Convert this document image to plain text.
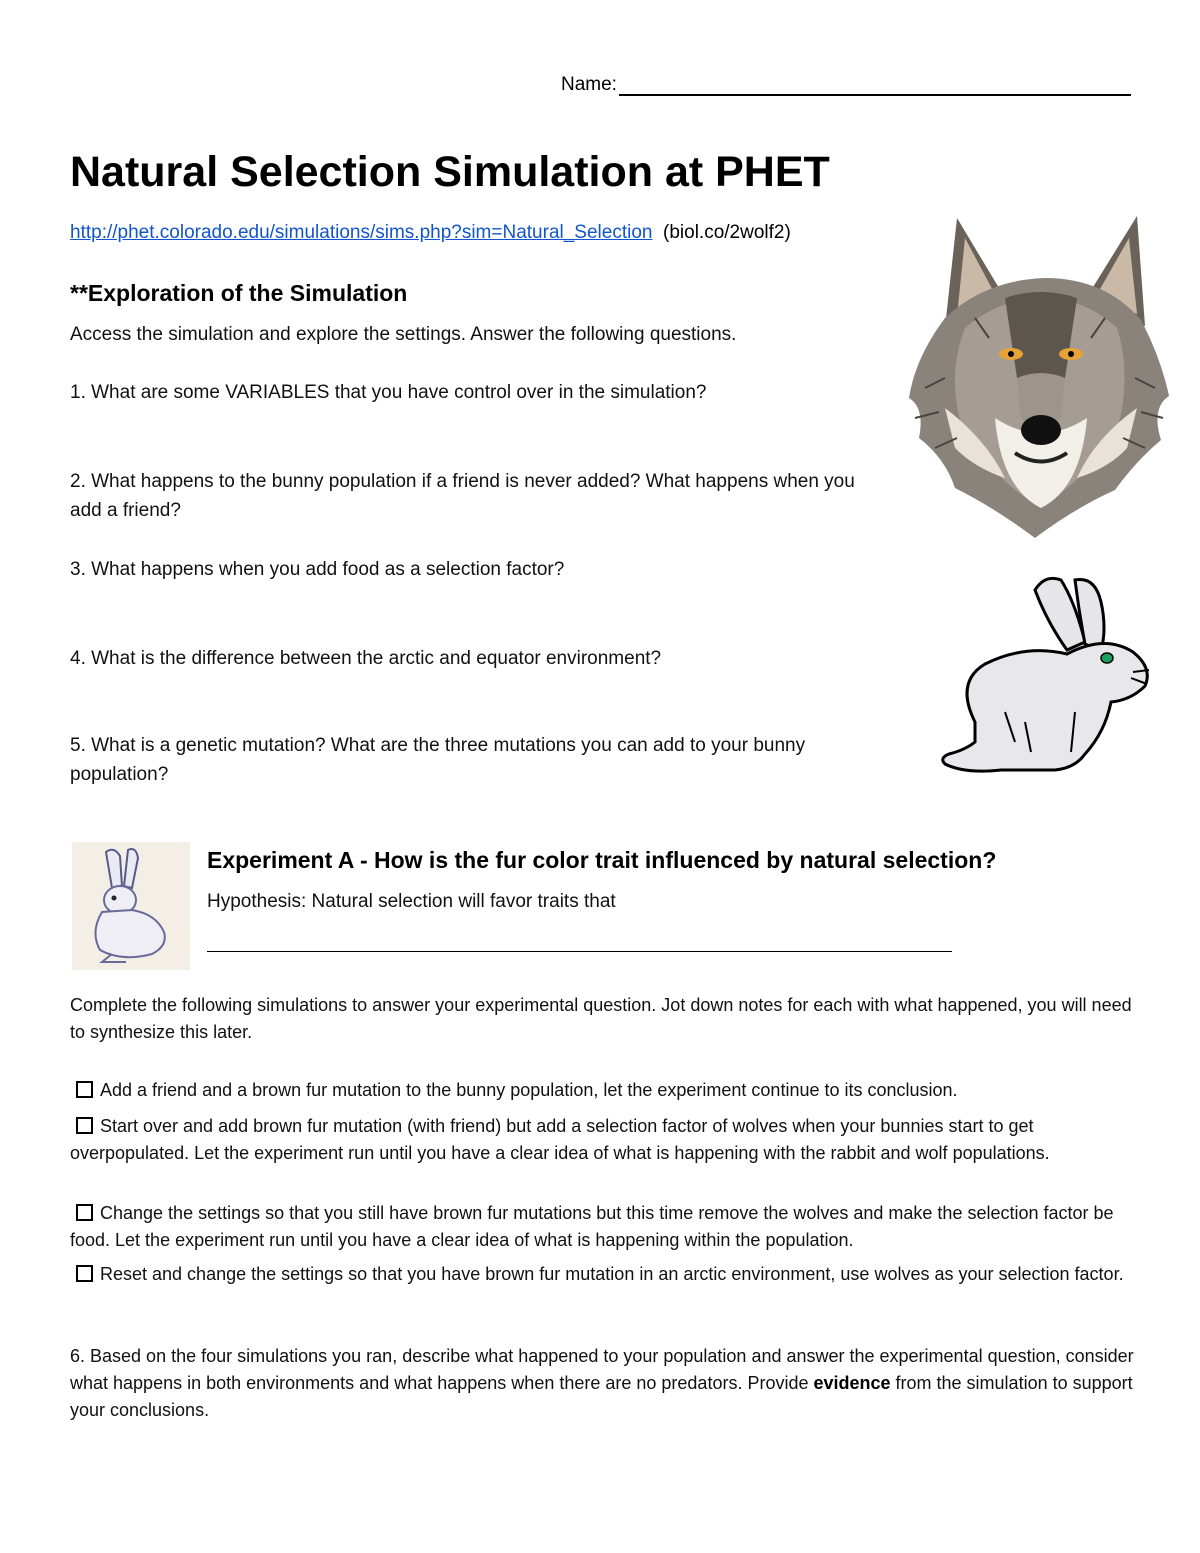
Name:
Natural Selection Simulation at PHET
http://phet.colorado.edu/simulations/sims.php?sim=Natural_Selection (biol.co/2wolf2)
**Exploration of the Simulation
Access the simulation and explore the settings. Answer the following questions.
1. What are some VARIABLES that you have control over in the simulation?
2. What happens to the bunny population if a friend is never added? What happens when you add a friend?
3. What happens when you add food as a selection factor?
4. What is the difference between the arctic and equator environment?
5. What is a genetic mutation? What are the three mutations you can add to your bunny population?
Experiment A - How is the fur color trait influenced by natural selection?
Hypothesis: Natural selection will favor traits that
Complete the following simulations to answer your experimental question. Jot down notes for each with what happened, you will need to synthesize this later.
Add a friend and a brown fur mutation to the bunny population, let the experiment continue to its conclusion.
Start over and add brown fur mutation (with friend) but add a selection factor of wolves when your bunnies start to get overpopulated. Let the experiment run until you have a clear idea of what is happening with the rabbit and wolf populations.
Change the settings so that you still have brown fur mutations but this time remove the wolves and make the selection factor be food. Let the experiment run until you have a clear idea of what is happening within the population.
Reset and change the settings so that you have brown fur mutation in an arctic environment, use wolves as your selection factor.
6. Based on the four simulations you ran, describe what happened to your population and answer the experimental question, consider what happens in both environments and what happens when there are no predators. Provide evidence from the simulation to support your conclusions.
